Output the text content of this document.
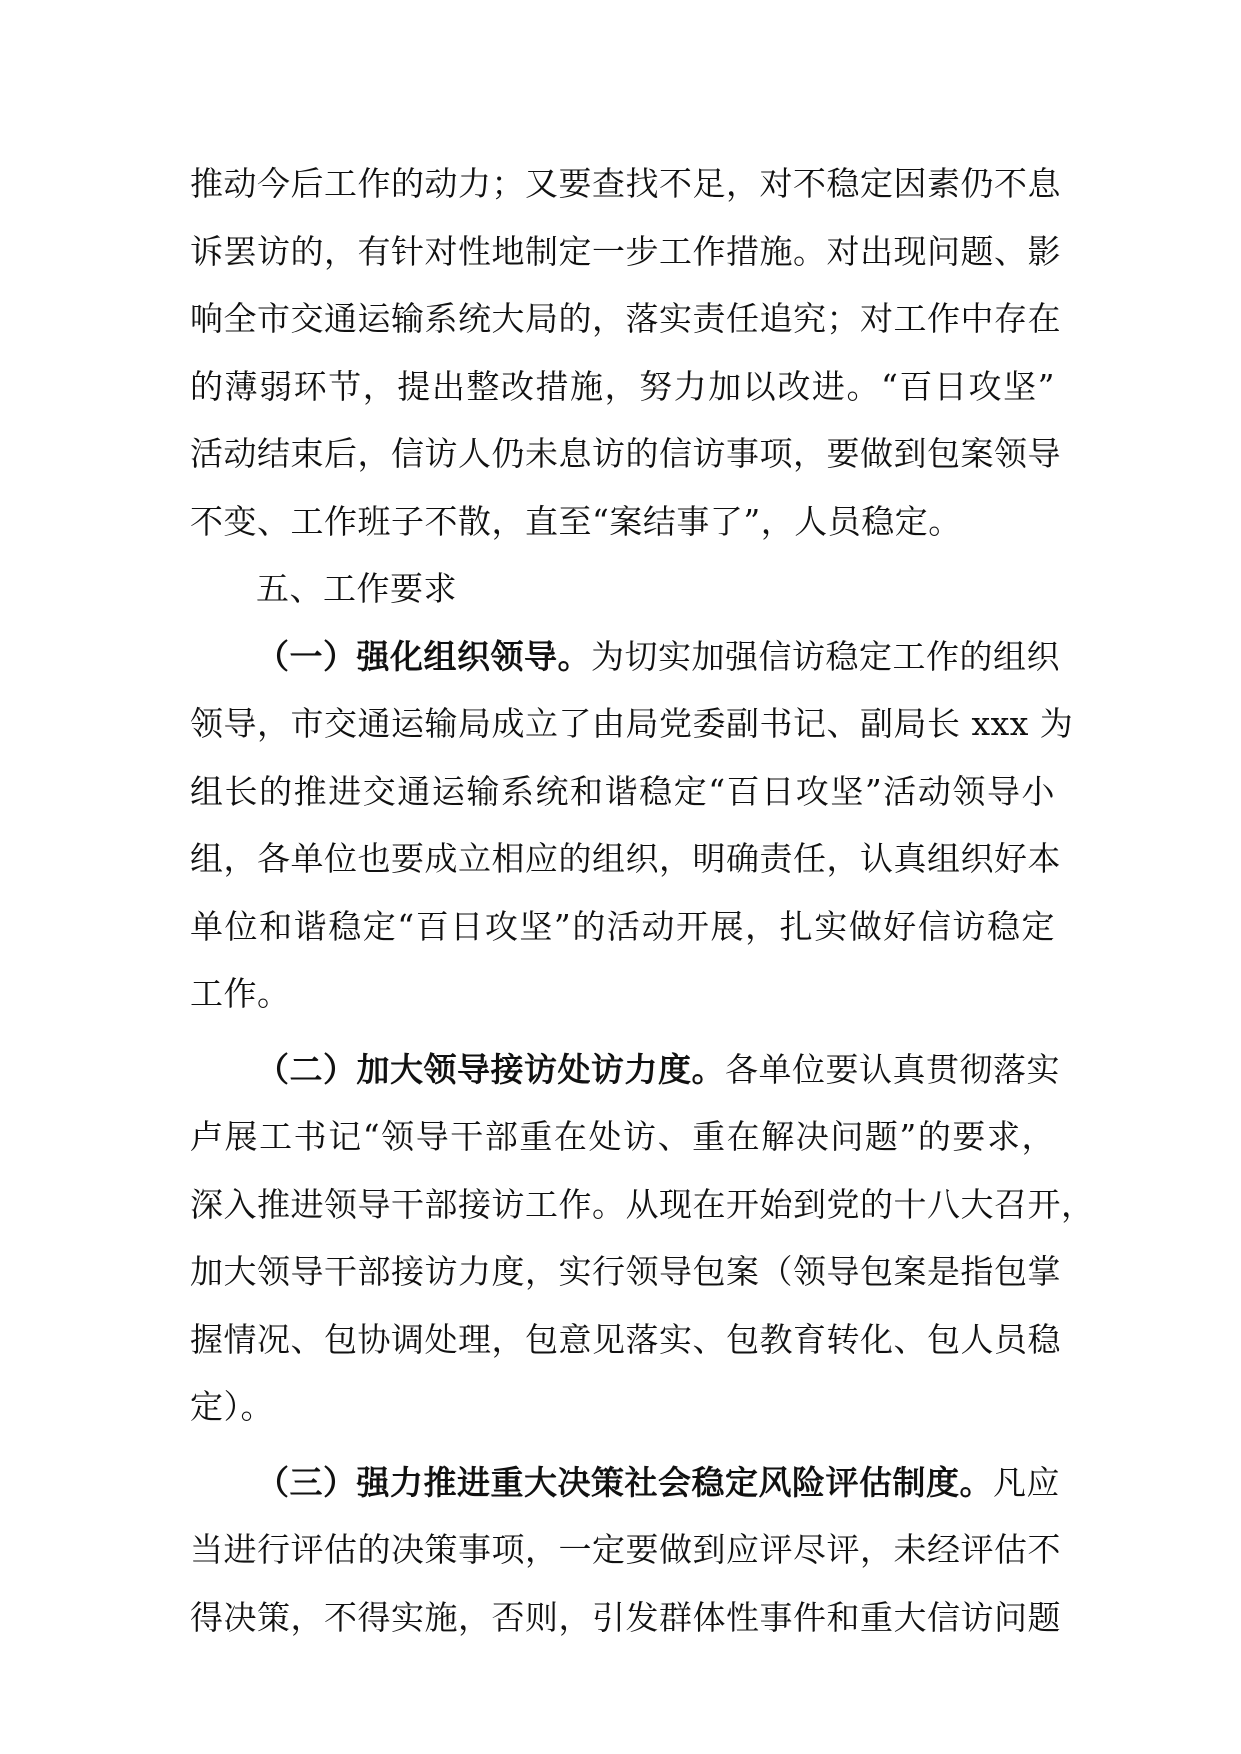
推动今后工作的动力；又要查找不足，对不稳定因素仍不息
诉罢访的，有针对性地制定一步工作措施。对出现问题、影
响全市交通运输系统大局的，落实责任追究；对工作中存在
的薄弱环节，提出整改措施，努力加以改进。“百日攻坚”
活动结束后，信访人仍未息访的信访事项，要做到包案领导
不变、工作班子不散，直至“案结事了”，人员稳定。
五、工作要求
（一）强化组织领导。为切实加强信访稳定工作的组织
领导，市交通运输局成立了由局党委副书记、副局长 xxx 为
组长的推进交通运输系统和谐稳定“百日攻坚”活动领导小
组，各单位也要成立相应的组织，明确责任，认真组织好本
单位和谐稳定“百日攻坚”的活动开展，扎实做好信访稳定
工作。
（二）加大领导接访处访力度。各单位要认真贯彻落实
卢展工书记“领导干部重在处访、重在解决问题”的要求，
深入推进领导干部接访工作。从现在开始到党的十八大召开，
加大领导干部接访力度，实行领导包案（领导包案是指包掌
握情况、包协调处理，包意见落实、包教育转化、包人员稳
定）。
（三）强力推进重大决策社会稳定风险评估制度。凡应
当进行评估的决策事项，一定要做到应评尽评，未经评估不
得决策，不得实施，否则，引发群体性事件和重大信访问题
